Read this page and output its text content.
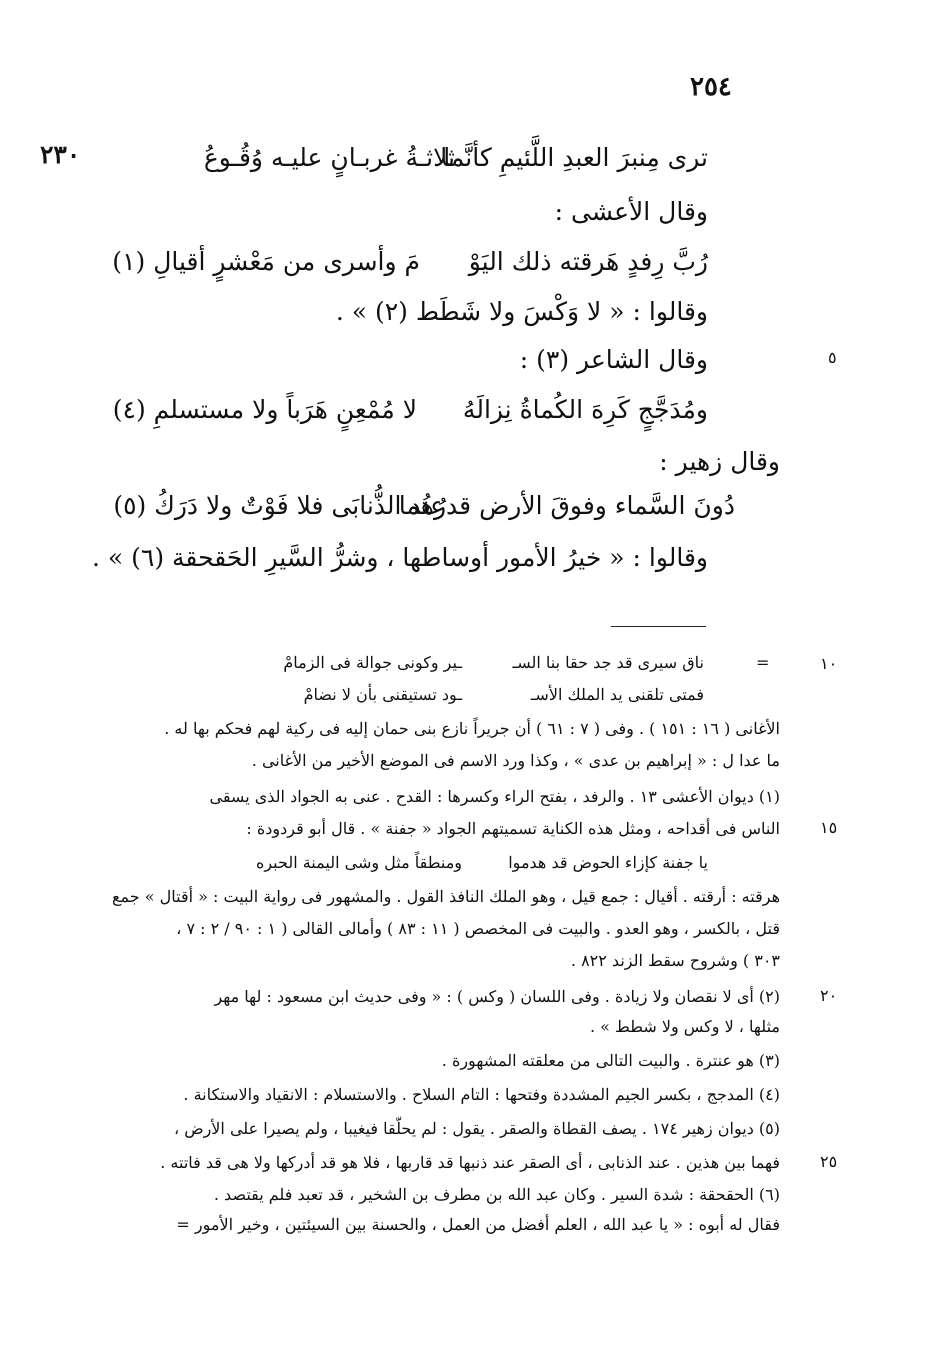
٢٥٤
٢٣٠
٥
١٠
١٥
٢٠
٢٥
ترى مِنبرَ العبدِ اللَّئيمِ كأنَّما
ثلاثـةُ غربـانٍ عليـه وُقُـوعُ
وقال الأعشى :
رُبَّ رِفدٍ هَرقته ذلك اليَوْ
مَ وأسرى من مَعْشرٍ أقيالِ (١)
وقالوا : « لا وَكْسَ ولا شَطَط (٢) » .
وقال الشاعر (٣) :
ومُدَجَّجٍ كَرِهَ الكُماةُ نِزالَهُ
لا مُمْعِنٍ هَرَباً ولا مستسلمِ (٤)
وقال زهير :
دُونَ السَّماء وفوقَ الأرض قدرُهُما
عند الذُّنابَى فلا فَوْتٌ ولا دَرَكُ (٥)
وقالوا : « خيرُ الأمور أوساطها ، وشرُّ السَّيرِ الحَقحقة (٦) » .
=
ناق سيرى قد جد حقا بنا السـ
ـير وكونى جوالة فى الزمامْ
فمتى تلقنى يد الملك الأسـ
ـود تستيقنى بأن لا نضامْ
الأغانى ( ١٦ : ١٥١ ) . وفى ( ٧ : ٦١ ) أن جريراً نازع بنى حمان إليه فى ركية لهم فحكم بها له .
ما عدا ل : « إبراهيم بن عدى » ، وكذا ورد الاسم فى الموضع الأخير من الأغانى .
(١) ديوان الأعشى ١٣ . والرفد ، بفتح الراء وكسرها : القدح . عنى به الجواد الذى يسقى
الناس فى أقداحه ، ومثل هذه الكناية تسميتهم الجواد « جفنة » . قال أبو قردودة :
يا جفنة كإزاء الحوض قد هدموا
ومنطقاً مثل وشى اليمنة الحبره
هرقته : أرقته . أقيال : جمع قيل ، وهو الملك النافذ القول . والمشهور فى رواية البيت : « أقتال » جمع
قتل ، بالكسر ، وهو العدو . والبيت فى المخصص ( ١١ : ٨٣ ) وأمالى القالى ( ١ : ٩٠ / ٢ : ٧ ،
٣٠٣ ) وشروح سقط الزند ٨٢٢ .
(٢) أى لا نقصان ولا زيادة . وفى اللسان ( وكس ) : « وفى حديث ابن مسعود : لها مهر
مثلها ، لا وكس ولا شطط » .
(٣) هو عنترة . والبيت التالى من معلقته المشهورة .
(٤) المدجج ، بكسر الجيم المشددة وفتحها : التام السلاح . والاستسلام : الانقياد والاستكانة .
(٥) ديوان زهير ١٧٤ . يصف القطاة والصقر . يقول : لم يحلّقا فيغيبا ، ولم يصيرا على الأرض ،
فهما بين هذين . عند الذنابى ، أى الصقر عند ذنبها قد قاربها ، فلا هو قد أدركها ولا هى قد فاتته .
(٦) الحقحقة : شدة السير . وكان عبد الله بن مطرف بن الشخير ، قد تعبد فلم يقتصد .
فقال له أبوه : « يا عبد الله ، العلم أفضل من العمل ، والحسنة بين السيئتين ، وخير الأمور =
